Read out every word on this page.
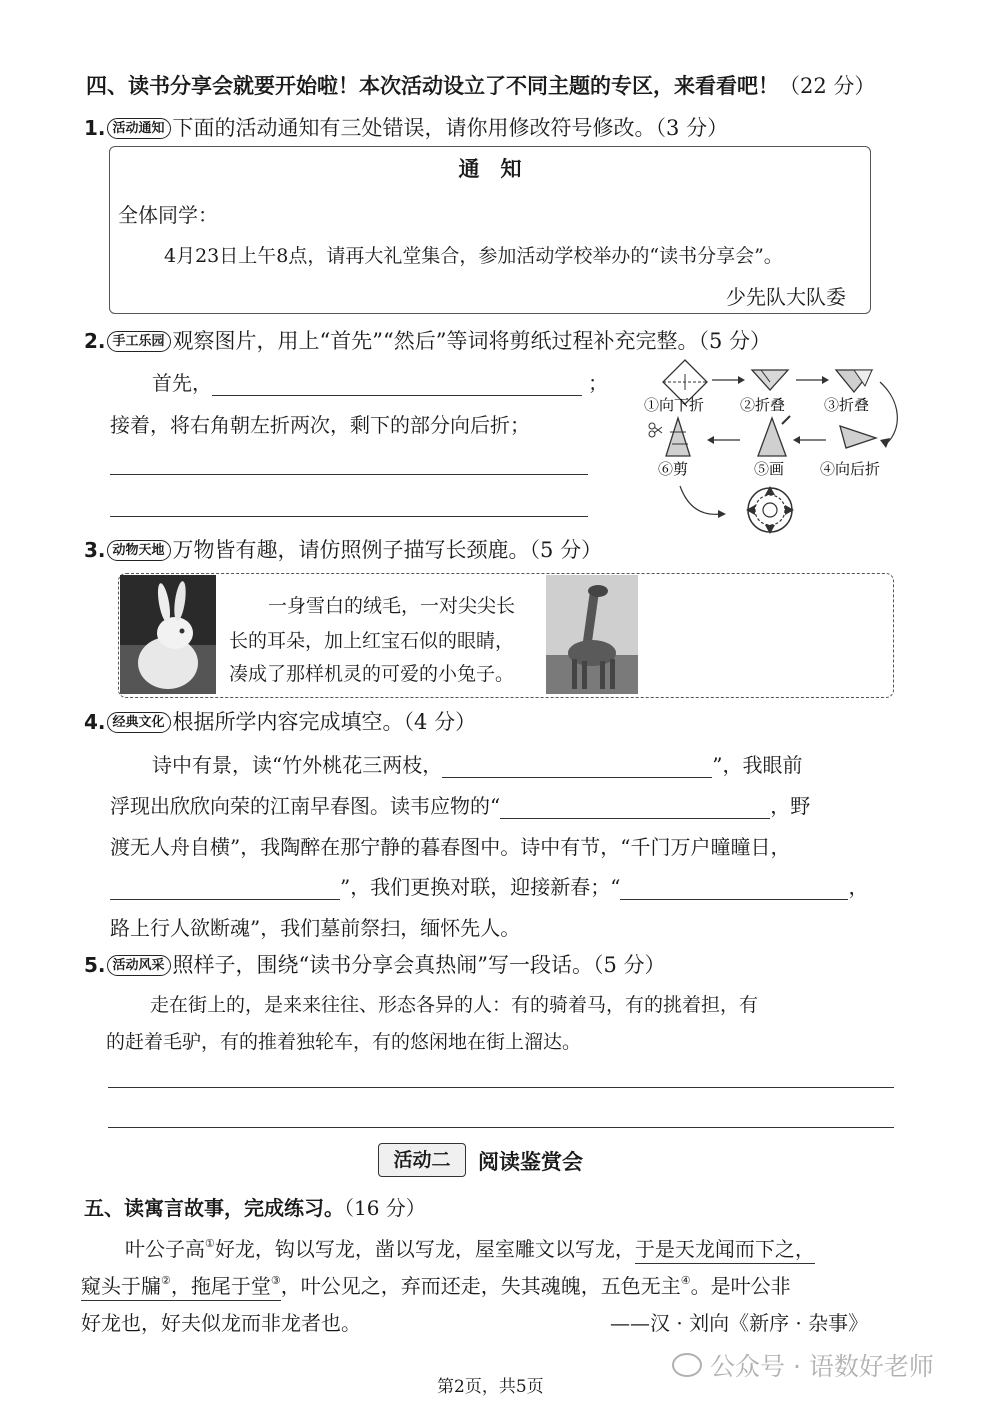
四、读书分享会就要开始啦！本次活动设立了不同主题的专区，来看看吧！（22 分）
1. 活动通知 下面的活动通知有三处错误，请你用修改符号修改。（3 分）
通　知
全体同学：
4月23日上午8点，请再大礼堂集合，参加活动学校举办的“读书分享会”。
少先队大队委
2. 手工乐园 观察图片，用上“首先”“然后”等词将剪纸过程补充完整。（5 分）
首先，	；
接着，将右角朝左折两次，剩下的部分向后折；
①向下折 ②折叠	③折叠
⑥剪	⑤画 ④向后折
3. 动物天地 万物皆有趣，请仿照例子描写长颈鹿。（5 分）
一身雪白的绒毛，一对尖尖长
长的耳朵，加上红宝石似的眼睛，
凑成了那样机灵的可爱的小兔子。
4. 经典文化 根据所学内容完成填空。（4 分）
诗中有景，读“竹外桃花三两枝，	”，我眼前
浮现出欣欣向荣的江南早春图。读韦应物的“	，野
渡无人舟自横”，我陶醉在那宁静的暮春图中。诗中有节，“千门万户曈曈日，
”，我们更换对联，迎接新春；“	，
路上行人欲断魂”，我们墓前祭扫，缅怀先人。
5. 活动风采 照样子，围绕“读书分享会真热闹”写一段话。（5 分）
走在街上的，是来来往往、形态各异的人：有的骑着马，有的挑着担，有
的赶着毛驴，有的推着独轮车，有的悠闲地在街上溜达。
活动二	阅读鉴赏会
五、读寓言故事，完成练习。（16 分）
叶公子高①好龙，钩以写龙，凿以写龙，屋室雕文以写龙，于是天龙闻而下之，
窥头于牖②，拖尾于堂③，叶公见之，弃而还走，失其魂魄，五色无主④。是叶公非
好龙也，好夫似龙而非龙者也。	——汉 · 刘向《新序 · 杂事》
公众号 · 语数好老师
第2页，共5页
